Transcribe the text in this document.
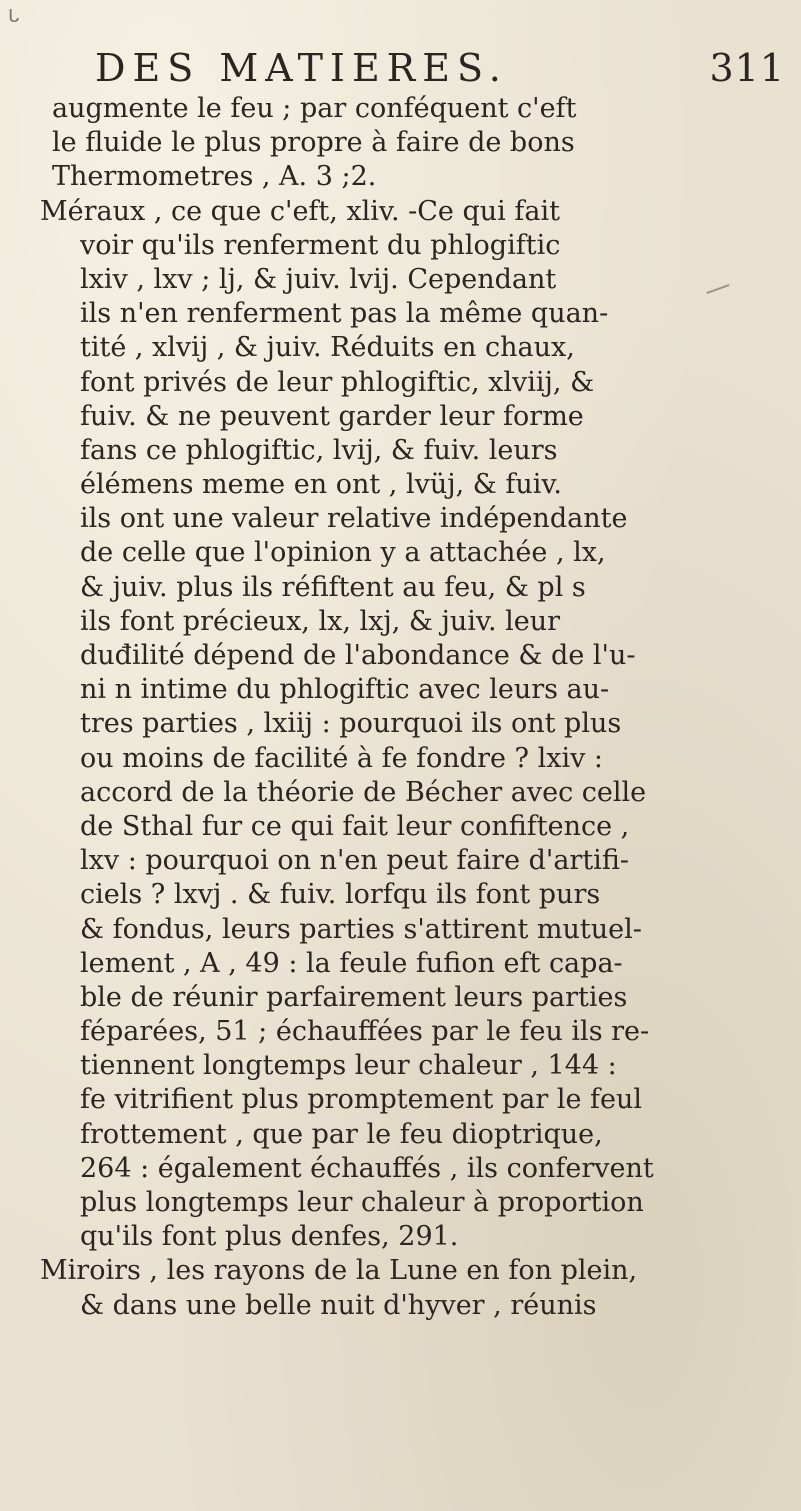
ᒐ
DES MATIERES.	311
augmente le feu ; par conféquent c'eft
le fluide le plus propre à faire de bons
Thermometres , A. 3 ;2.
Méraux , ce que c'eft, xliv. -Ce qui fait
voir qu'ils renferment du phlogiftic
lxiv , lxv ; lj, & juiv. lvij. Cependant
ils n'en renferment pas la même quan-
tité , xlvij , & juiv. Réduits en chaux,
font privés de leur phlogiftic, xlviij, &
fuiv. & ne peuvent garder leur forme
fans ce phlogiftic, lvij, & fuiv. leurs
élémens meme en ont , lvüj, & fuiv.
ils ont une valeur relative indépendante
de celle que l'opinion y a attachée , lx,
& juiv. plus ils réfiftent au feu, & pl s
ils font précieux, lx, lxj, & juiv. leur
duđilité dépend de l'abondance & de l'u-
ni n intime du phlogiftic avec leurs au-
tres parties , lxiij : pourquoi ils ont plus
ou moins de facilité à fe fondre ? lxiv :
accord de la théorie de Bécher avec celle
de Sthal fur ce qui fait leur confiftence ,
lxv : pourquoi on n'en peut faire d'artifi-
ciels ? lxvj . & fuiv. lorfqu ils font purs
& fondus, leurs parties s'attirent mutuel-
lement , A , 49 : la feule fufion eft capa-
ble de réunir parfairement leurs parties
féparées, 51 ; échauffées par le feu ils re-
tiennent longtemps leur chaleur , 144 :
fe vitrifient plus promptement par le feul
frottement , que par le feu dioptrique,
264 : également échauffés , ils confervent
plus longtemps leur chaleur à proportion
qu'ils font plus denfes, 291.
Miroirs , les rayons de la Lune en fon plein,
& dans une belle nuit d'hyver , réunis
